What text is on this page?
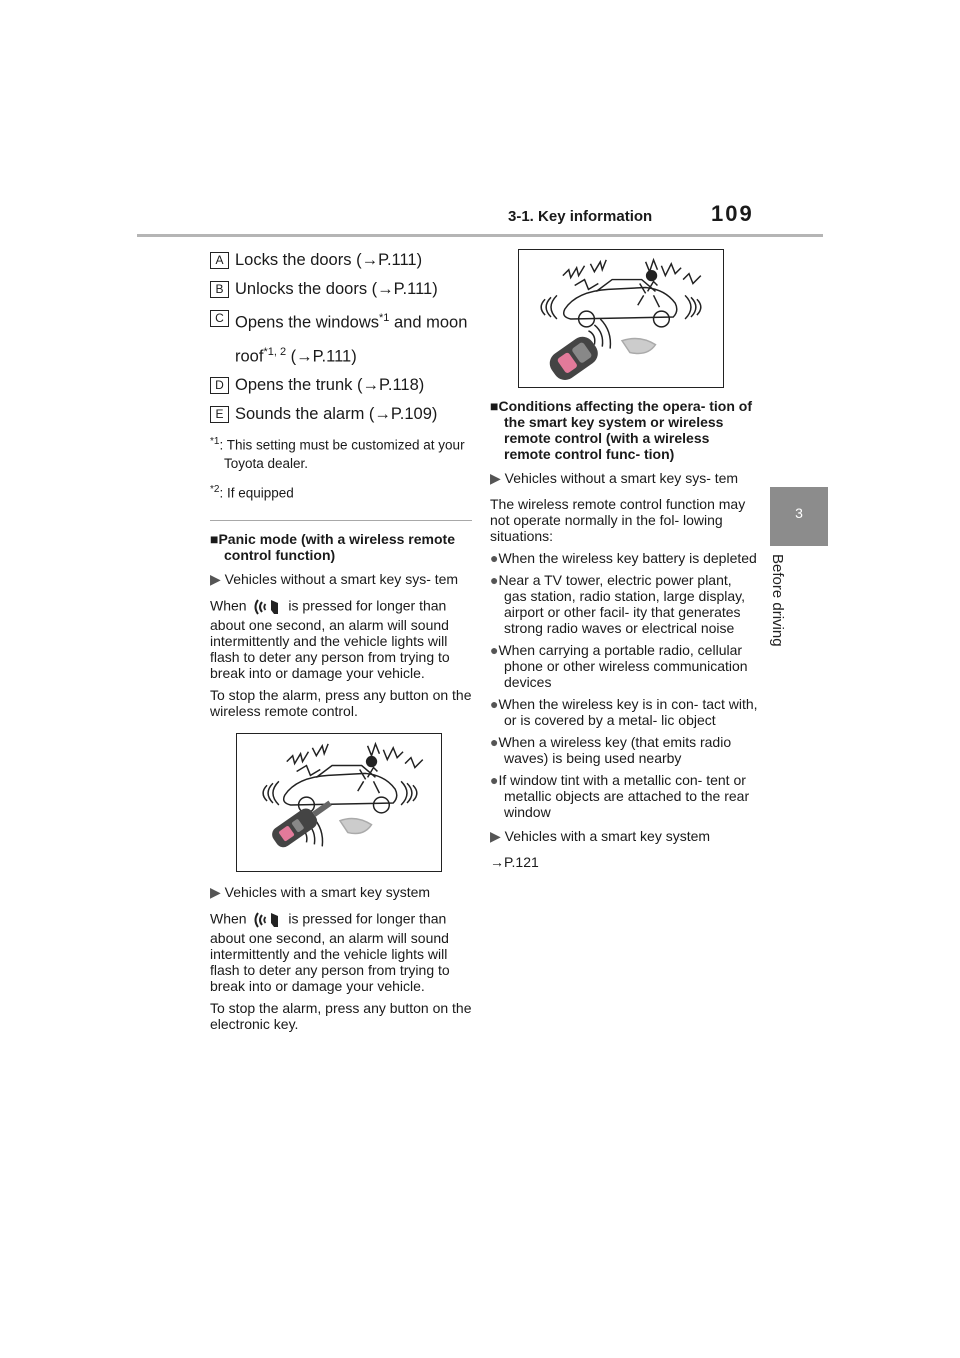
3-1. Key information	109
3
Before driving
A Locks the doors (→P.111)
B Unlocks the doors (→P.111)
C Opens the windows$^{*1}$ and moon roof$^{*1, 2}$ (→P.111)
D Opens the trunk (→P.118)
E Sounds the alarm (→P.109)
$^{*1}$: This setting must be customized at your Toyota dealer.
$^{*2}$: If equipped
■Panic mode (with a wireless remote control function)
▶ Vehicles without a smart key sys- tem
When	is pressed for longer than about one second, an alarm will sound intermittently and the vehicle lights will flash to deter any person from trying to break into or damage your vehicle.
To stop the alarm, press any button on the wireless remote control.
▶ Vehicles with a smart key system
When	is pressed for longer than about one second, an alarm will sound intermittently and the vehicle lights will flash to deter any person from trying to break into or damage your vehicle.
To stop the alarm, press any button on the electronic key.
■Conditions affecting the opera- tion of the smart key system or wireless remote control (with a wireless remote control func- tion)
▶ Vehicles without a smart key sys- tem
The wireless remote control function may not operate normally in the fol- lowing situations:
●When the wireless key battery is depleted
●Near a TV tower, electric power plant, gas station, radio station, large display, airport or other facil- ity that generates strong radio waves or electrical noise
●When carrying a portable radio, cellular phone or other wireless communication devices
●When the wireless key is in con- tact with, or is covered by a metal- lic object
●When a wireless key (that emits radio waves) is being used nearby
●If window tint with a metallic con- tent or metallic objects are attached to the rear window
▶ Vehicles with a smart key system
→P.121
